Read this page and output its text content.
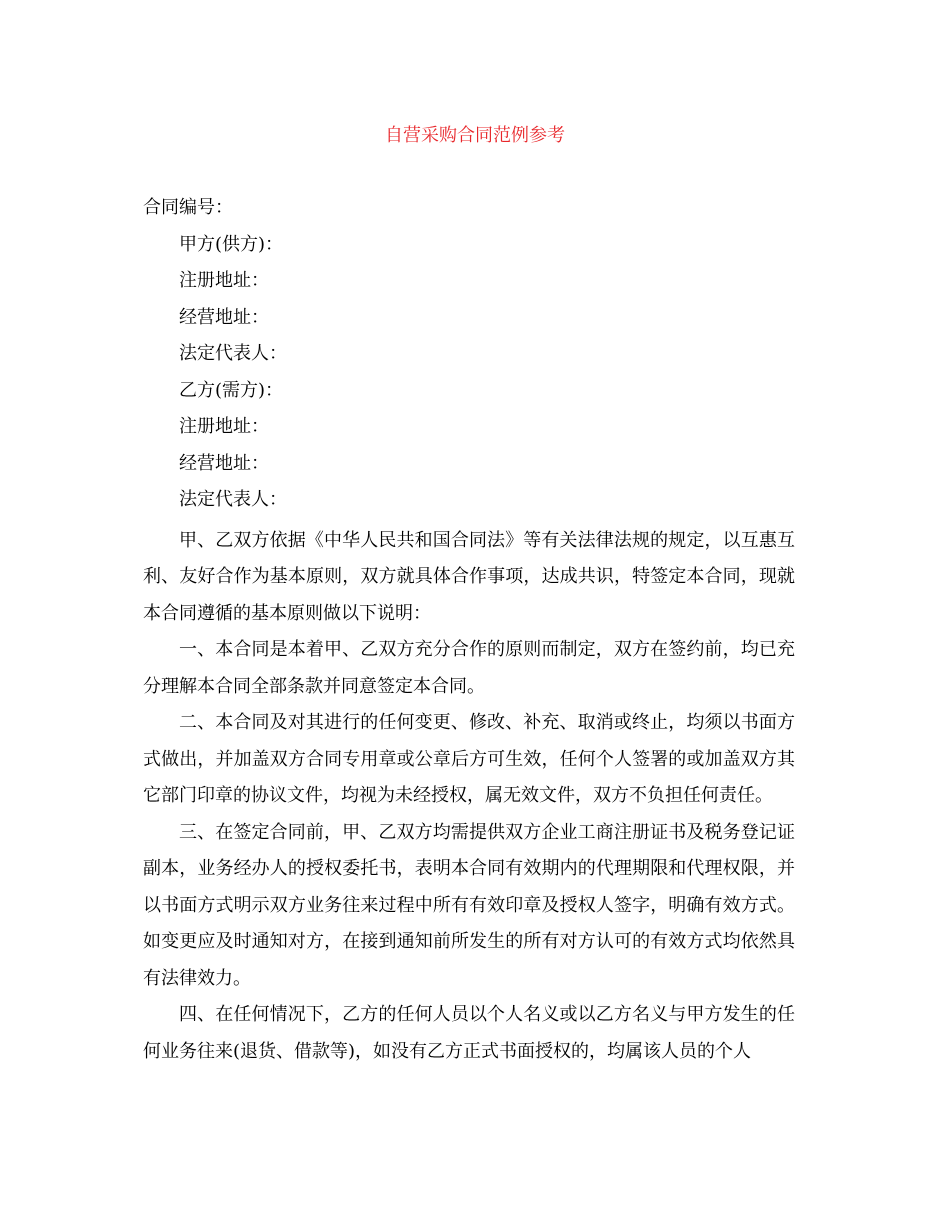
自营采购合同范例参考
合同编号：
甲方(供方)：
注册地址：
经营地址：
法定代表人：
乙方(需方)：
注册地址：
经营地址：
法定代表人：

甲、乙双方依据《中华人民共和国合同法》等有关法律法规的规定，以互惠互利、友好合作为基本原则，双方就具体合作事项，达成共识，特签定本合同，现就本合同遵循的基本原则做以下说明：

一、本合同是本着甲、乙双方充分合作的原则而制定，双方在签约前，均已充分理解本合同全部条款并同意签定本合同。

二、本合同及对其进行的任何变更、修改、补充、取消或终止，均须以书面方式做出，并加盖双方合同专用章或公章后方可生效，任何个人签署的或加盖双方其它部门印章的协议文件，均视为未经授权，属无效文件，双方不负担任何责任。

三、在签定合同前，甲、乙双方均需提供双方企业工商注册证书及税务登记证副本，业务经办人的授权委托书，表明本合同有效期内的代理期限和代理权限，并以书面方式明示双方业务往来过程中所有有效印章及授权人签字，明确有效方式。如变更应及时通知对方，在接到通知前所发生的所有对方认可的有效方式均依然具有法律效力。

四、在任何情况下，乙方的任何人员以个人名义或以乙方名义与甲方发生的任何业务往来(退货、借款等)，如没有乙方正式书面授权的，均属该人员的个人
